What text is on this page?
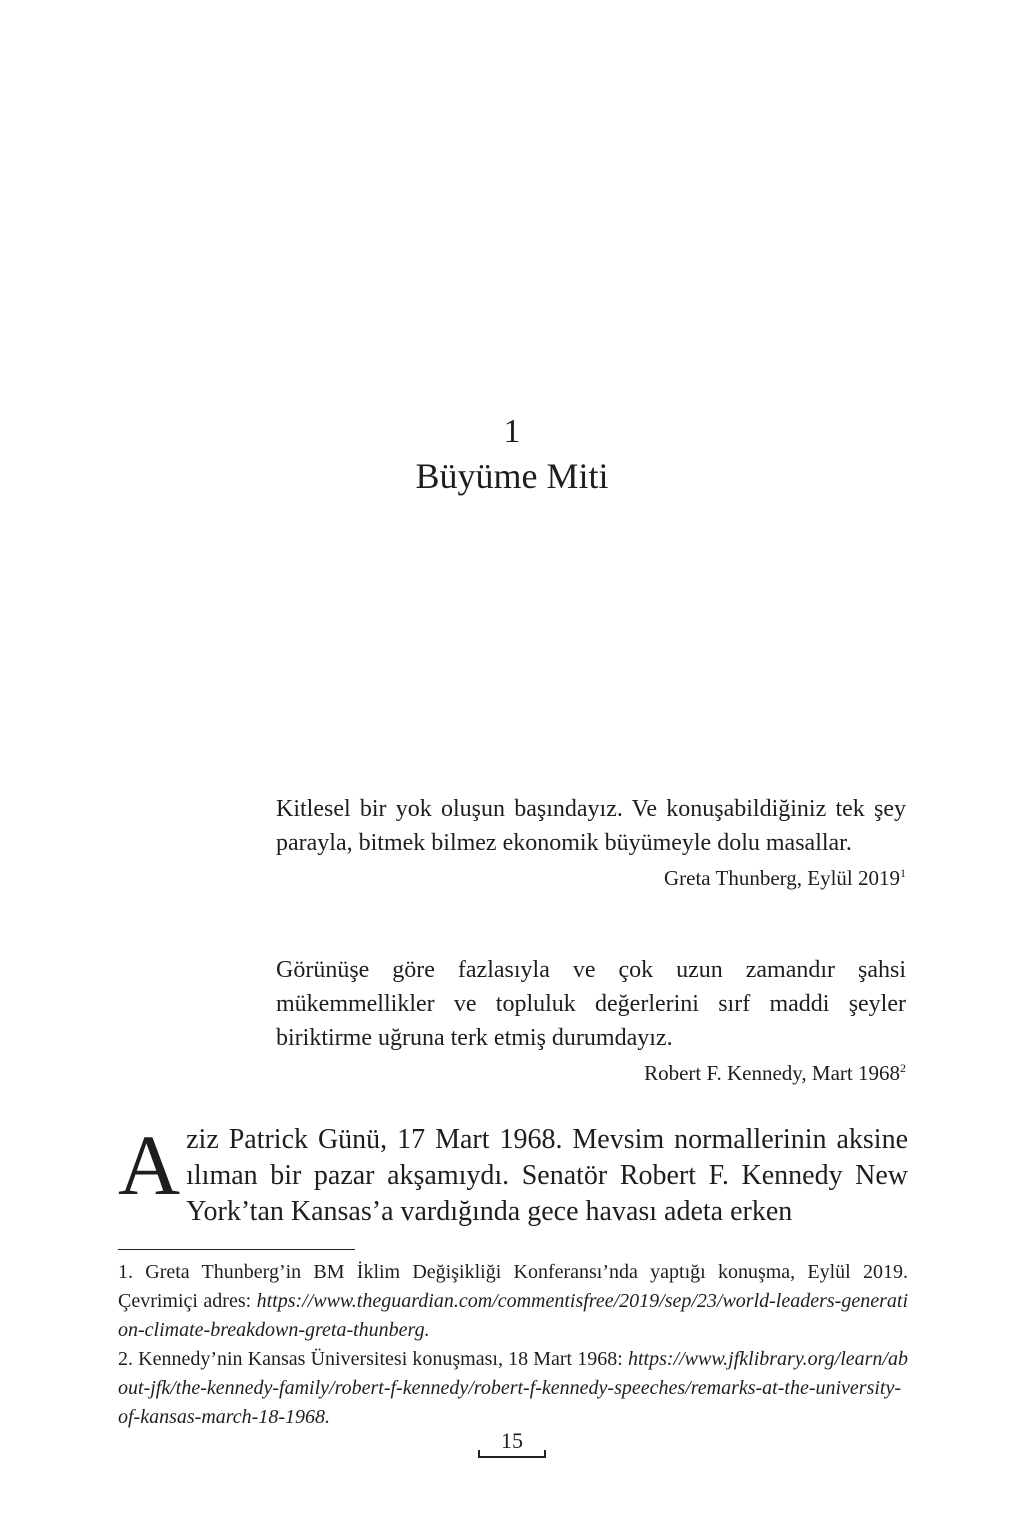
1
Büyüme Miti

Kitlesel bir yok oluşun başındayız. Ve konuşabildiğiniz tek şey parayla, bitmek bilmez ekonomik büyümeyle dolu masallar.

Greta Thunberg, Eylül 2019$^1$

Görünüşe göre fazlasıyla ve çok uzun zamandır şahsi mükemmellikler ve topluluk değerlerini sırf maddi şeyler biriktirme uğruna terk etmiş durumdayız.

Robert F. Kennedy, Mart 1968$^2$

Aziz Patrick Günü, 17 Mart 1968. Mevsim normallerinin aksine ılıman bir pazar akşamıydı. Senatör Robert F. Kennedy New York’tan Kansas’a vardığında gece havası adeta erken

1. Greta Thunberg’in BM İklim Değişikliği Konferansı’nda yaptığı konuşma, Eylül 2019. Çevrimiçi adres: https://www.theguardian.com/commentisfree/2019/sep/23/world-leaders-generation-climate-breakdown-greta-thunberg.

2. Kennedy’nin Kansas Üniversitesi konuşması, 18 Mart 1968: https://www.jfklibrary.org/learn/about-jfk/the-kennedy-family/robert-f-kennedy/robert-f-kennedy-speeches/remarks-at-the-university-of-kansas-march-18-1968.

15
